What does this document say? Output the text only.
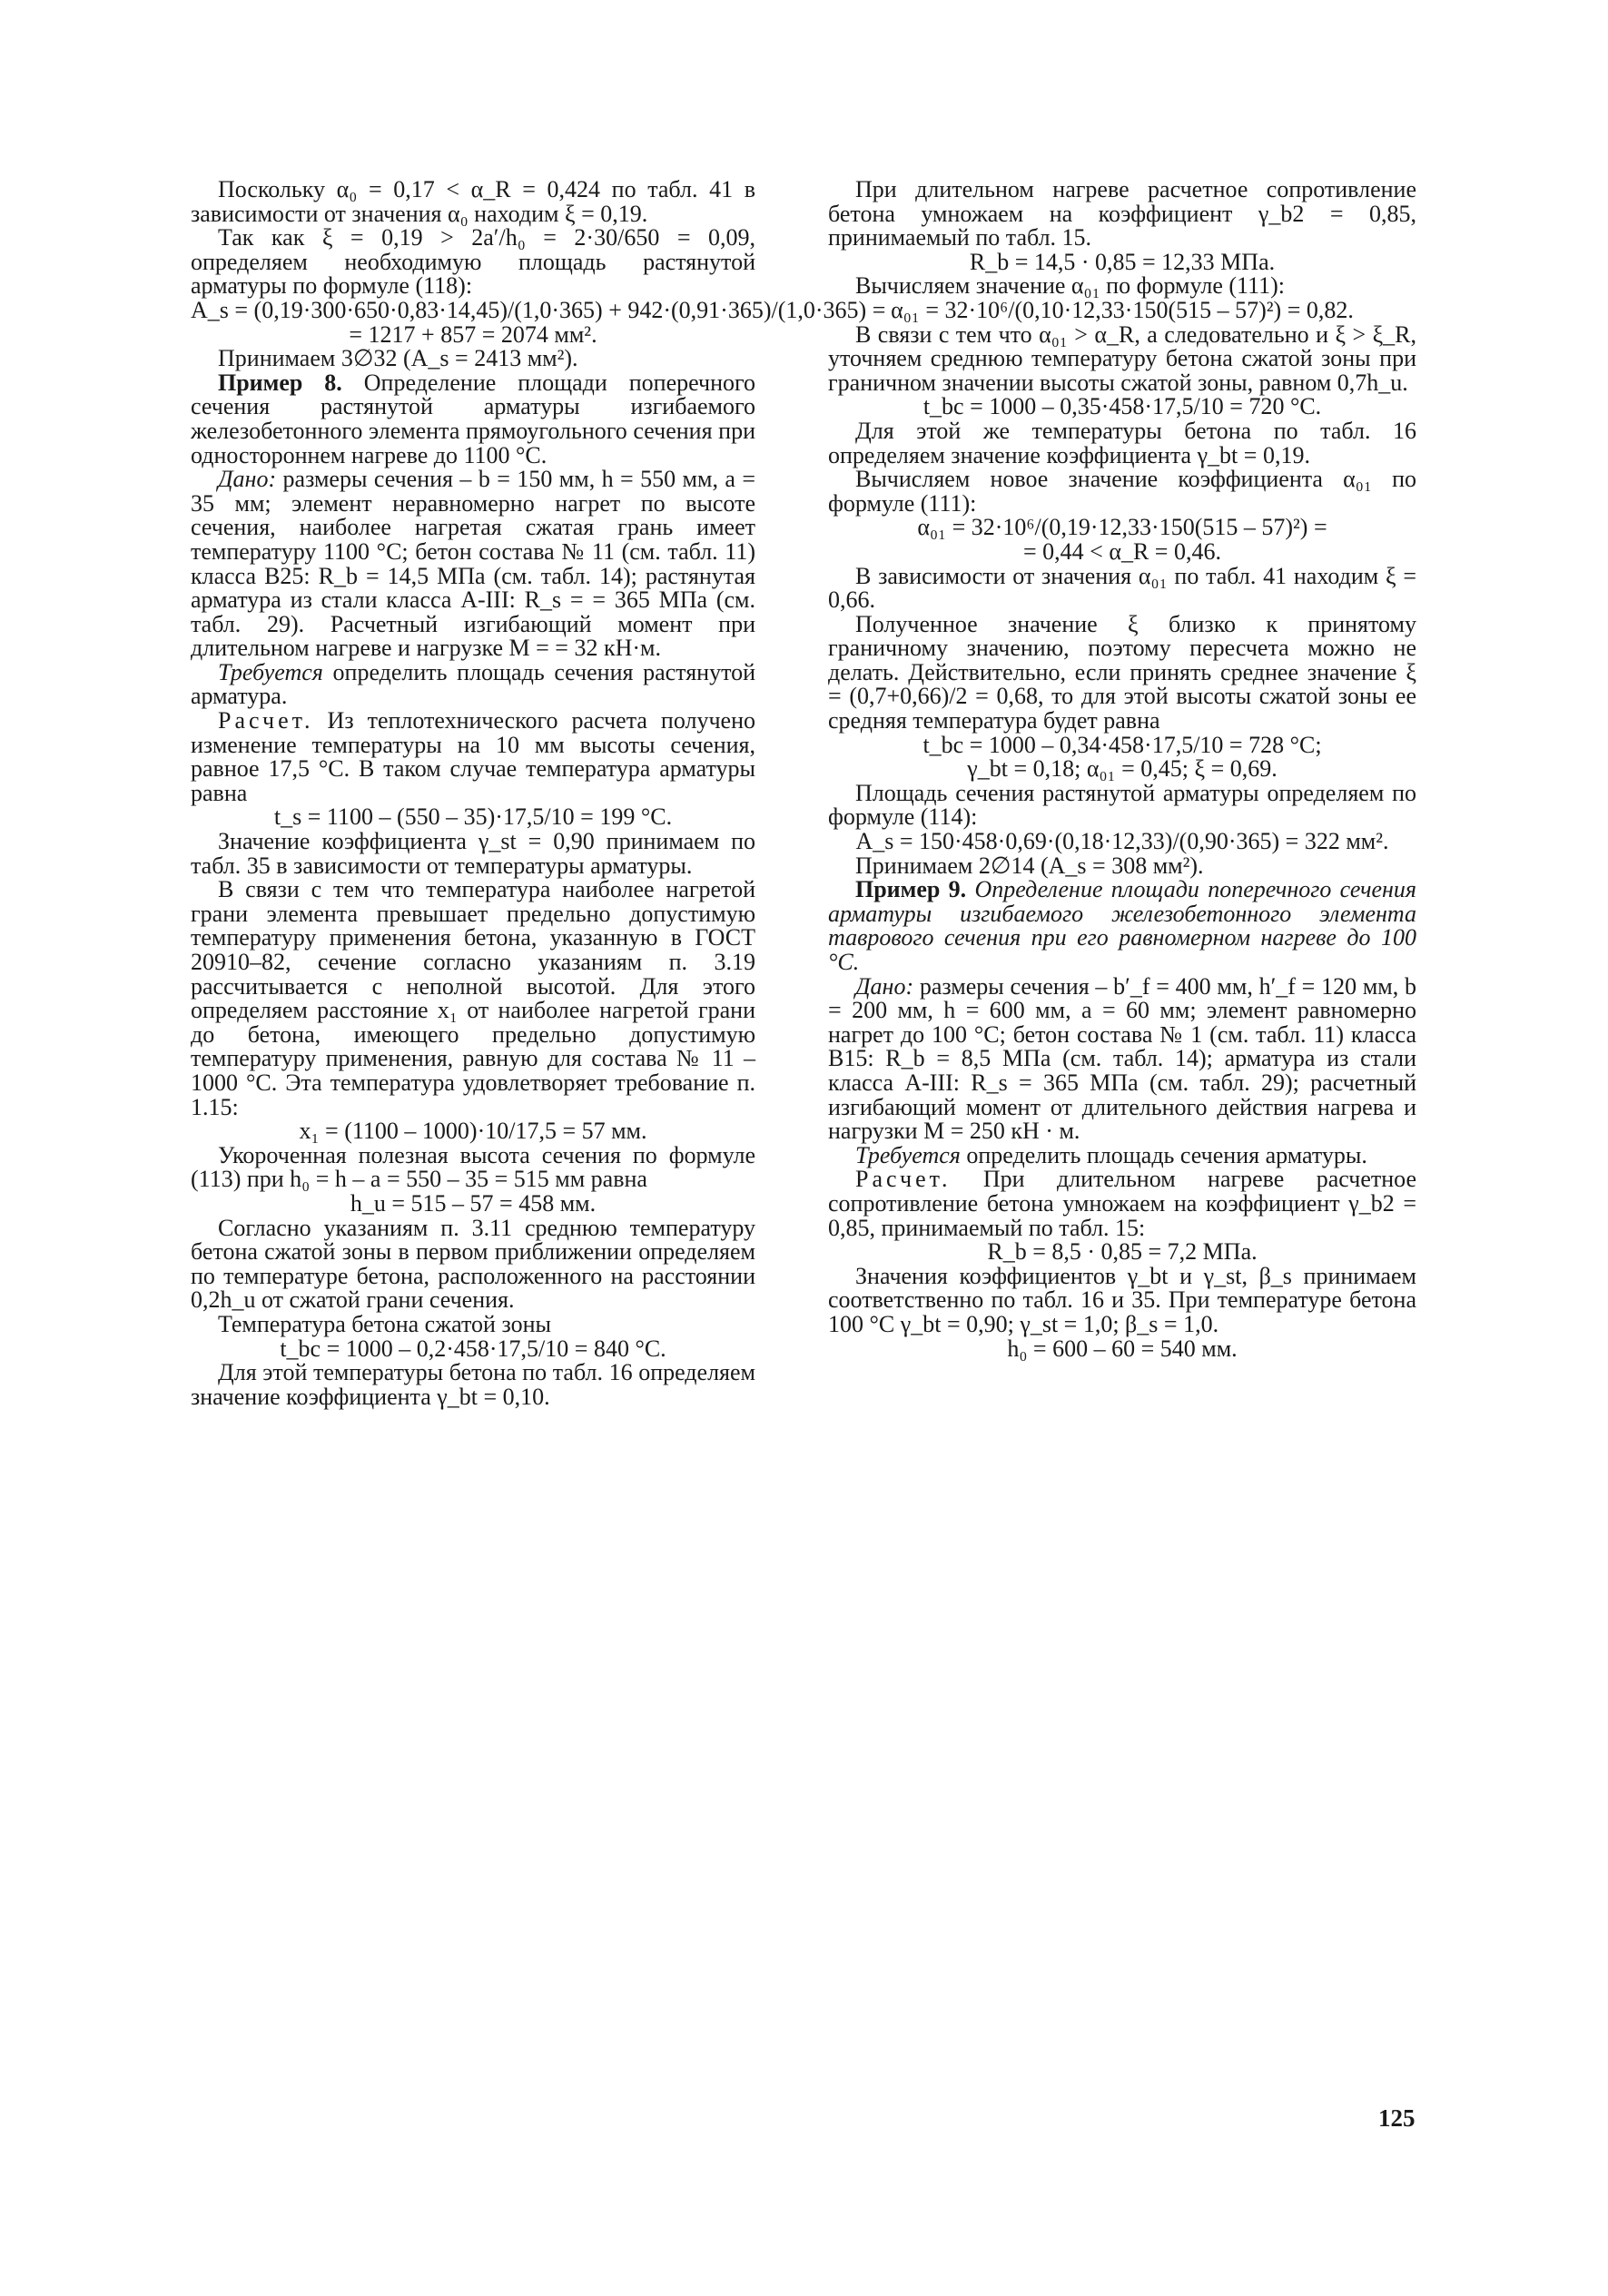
Поскольку α₀ = 0,17 < α_R = 0,424 по табл. 41 в зависимости от значения α₀ находим ξ = 0,19.

Так как ξ = 0,19 > 2a′/h₀ = 2·30/650 = 0,09, определяем необходимую площадь растянутой арматуры по формуле (118):

A_s = (0,19·300·650·0,83·14,45)/(1,0·365) + 942·(0,91·365)/(1,0·365) =

= 1217 + 857 = 2074 мм².

Принимаем 3∅32 (A_s = 2413 мм²).

Пример 8. Определение площади поперечного сечения растянутой арматуры изгибаемого железобетонного элемента прямоугольного сечения при одностороннем нагреве до 1100 °С.

Дано: размеры сечения – b = 150 мм, h = 550 мм, a = 35 мм; элемент неравномерно нагрет по высоте сечения, наиболее нагретая сжатая грань имеет температуру 1100 °С; бетон состава № 11 (см. табл. 11) класса В25: R_b = 14,5 МПа (см. табл. 14); растянутая арматура из стали класса А-III: R_s = = 365 МПа (см. табл. 29). Расчетный изгибающий момент при длительном нагреве и нагрузке M = = 32 кН·м.

Требуется определить площадь сечения растянутой арматура.

Расчет. Из теплотехнического расчета получено изменение температуры на 10 мм высоты сечения, равное 17,5 °С. В таком случае температура арматуры равна

t_s = 1100 – (550 – 35)·17,5/10 = 199 °С.

Значение коэффициента γ_st = 0,90 принимаем по табл. 35 в зависимости от температуры арматуры.

В связи с тем что температура наиболее нагретой грани элемента превышает предельно допустимую температуру применения бетона, указанную в ГОСТ 20910–82, сечение согласно указаниям п. 3.19 рассчитывается с неполной высотой. Для этого определяем расстояние x₁ от наиболее нагретой грани до бетона, имеющего предельно допустимую температуру применения, равную для состава № 11 – 1000 °С. Эта температура удовлетворяет требование п. 1.15:

x₁ = (1100 – 1000)·10/17,5 = 57 мм.

Укороченная полезная высота сечения по формуле (113) при h₀ = h – a = 550 – 35 = 515 мм равна

h_u = 515 – 57 = 458 мм.

Согласно указаниям п. 3.11 среднюю температуру бетона сжатой зоны в первом приближении определяем по температуре бетона, расположенного на расстоянии 0,2h_u от сжатой грани сечения.

Температура бетона сжатой зоны

t_bc = 1000 – 0,2·458·17,5/10 = 840 °С.

Для этой температуры бетона по табл. 16 определяем значение коэффициента γ_bt = 0,10.

При длительном нагреве расчетное сопротивление бетона умножаем на коэффициент γ_b2 = 0,85, принимаемый по табл. 15.

R_b = 14,5 · 0,85 = 12,33 МПа.

Вычисляем значение α₀₁ по формуле (111):

α₀₁ = 32·10⁶/(0,10·12,33·150(515 – 57)²) = 0,82.

В связи с тем что α₀₁ > α_R, а следовательно и ξ > ξ_R, уточняем среднюю температуру бетона сжатой зоны при граничном значении высоты сжатой зоны, равном 0,7h_u.

t_bc = 1000 – 0,35·458·17,5/10 = 720 °С.

Для этой же температуры бетона по табл. 16 определяем значение коэффициента γ_bt = 0,19.

Вычисляем новое значение коэффициента α₀₁ по формуле (111):

α₀₁ = 32·10⁶/(0,19·12,33·150(515 – 57)²) =

= 0,44 < α_R = 0,46.

В зависимости от значения α₀₁ по табл. 41 находим ξ = 0,66.

Полученное значение ξ близко к принятому граничному значению, поэтому пересчета можно не делать. Действительно, если принять среднее значение ξ = (0,7+0,66)/2 = 0,68, то для этой высоты сжатой зоны ее средняя температура будет равна

t_bc = 1000 – 0,34·458·17,5/10 = 728 °С;

γ_bt = 0,18; α₀₁ = 0,45; ξ = 0,69.

Площадь сечения растянутой арматуры определяем по формуле (114):

A_s = 150·458·0,69·(0,18·12,33)/(0,90·365) = 322 мм².

Принимаем 2∅14 (A_s = 308 мм²).

Пример 9. Определение площади поперечного сечения арматуры изгибаемого железобетонного элемента таврового сечения при его равномерном нагреве до 100 °С.

Дано: размеры сечения – b′_f = 400 мм, h′_f = 120 мм, b = 200 мм, h = 600 мм, a = 60 мм; элемент равномерно нагрет до 100 °С; бетон состава № 1 (см. табл. 11) класса В15: R_b = 8,5 МПа (см. табл. 14); арматура из стали класса А-III: R_s = 365 МПа (см. табл. 29); расчетный изгибающий момент от длительного действия нагрева и нагрузки M = 250 кН · м.

Требуется определить площадь сечения арматуры.

Расчет. При длительном нагреве расчетное сопротивление бетона умножаем на коэффициент γ_b2 = 0,85, принимаемый по табл. 15:

R_b = 8,5 · 0,85 = 7,2 МПа.

Значения коэффициентов γ_bt и γ_st, β_s принимаем соответственно по табл. 16 и 35. При температуре бетона 100 °С γ_bt = 0,90; γ_st = 1,0; β_s = 1,0.

h₀ = 600 – 60 = 540 мм.

125
